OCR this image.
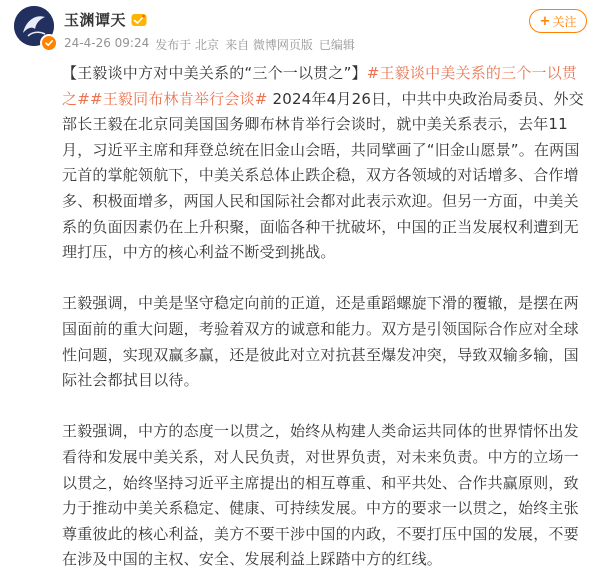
玉渊谭天
24-4-26 09:24 发布于 北京 来自 微博网页版 已编辑
+ 关注

【王毅谈中方对中美关系的“三个一以贯之”】#王毅谈中美关系的三个一以贯之##王毅同布林肯举行会谈# 2024年4月26日，中共中央政治局委员、外交部长王毅在北京同美国国务卿布林肯举行会谈时，就中美关系表示，去年11月，习近平主席和拜登总统在旧金山会晤，共同擘画了“旧金山愿景”。在两国元首的掌舵领航下，中美关系总体止跌企稳，双方各领域的对话增多、合作增多、积极面增多，两国人民和国际社会都对此表示欢迎。但另一方面，中美关系的负面因素仍在上升积聚，面临各种干扰破坏，中国的正当发展权利遭到无理打压，中方的核心利益不断受到挑战。

王毅强调，中美是坚守稳定向前的正道，还是重蹈螺旋下滑的覆辙，是摆在两国面前的重大问题，考验着双方的诚意和能力。双方是引领国际合作应对全球性问题，实现双赢多赢，还是彼此对立对抗甚至爆发冲突，导致双输多输，国际社会都拭目以待。

王毅强调，中方的态度一以贯之，始终从构建人类命运共同体的世界情怀出发看待和发展中美关系，对人民负责，对世界负责，对未来负责。中方的立场一以贯之，始终坚持习近平主席提出的相互尊重、和平共处、合作共赢原则，致力于推动中美关系稳定、健康、可持续发展。中方的要求一以贯之，始终主张尊重彼此的核心利益，美方不要干涉中国的内政，不要打压中国的发展，不要在涉及中国的主权、安全、发展利益上踩踏中方的红线。
